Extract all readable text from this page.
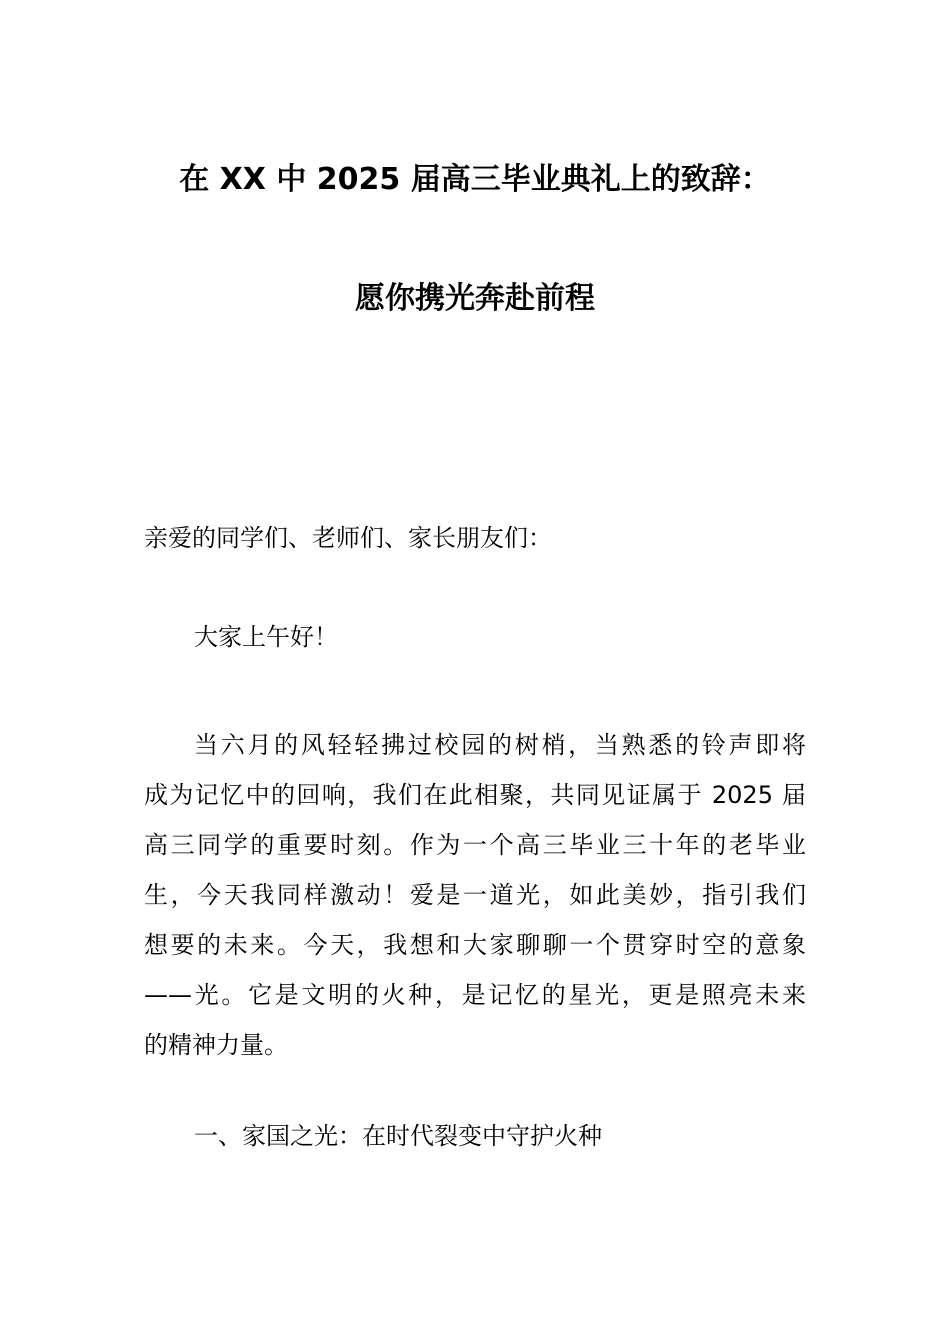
在 XX 中 2025 届高三毕业典礼上的致辞：
愿你携光奔赴前程
亲爱的同学们、老师们、家长朋友们：
大家上午好！
当六月的风轻轻拂过校园的树梢，当熟悉的铃声即将
成为记忆中的回响，我们在此相聚，共同见证属于 2025 届
高三同学的重要时刻。作为一个高三毕业三十年的老毕业
生，今天我同样激动！爱是一道光，如此美妙，指引我们
想要的未来。今天，我想和大家聊聊一个贯穿时空的意象
——光。它是文明的火种，是记忆的星光，更是照亮未来
的精神力量。
一、家国之光：在时代裂变中守护火种
